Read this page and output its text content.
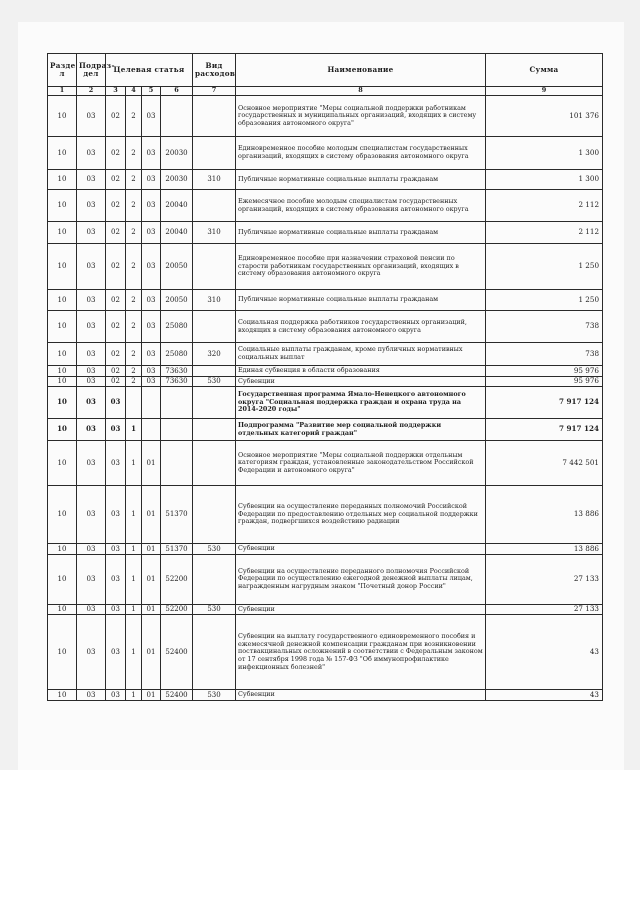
Разде л	Подраз- дел	Целевая статья				Вид расходов	Наименование	Сумма
1	2	3	4	5	6	7	8	9
10	03	02	2	03			Основное мероприятие "Меры социальной поддержки работникам государственных и муниципальных организаций, входящих в систему образования автономного округа"	101 376
10	03	02	2	03	20030		Единовременное пособие молодым специалистам государственных организаций, входящих в систему образования автономного округа	1 300
10	03	02	2	03	20030	310	Публичные нормативные социальные выплаты гражданам	1 300
10	03	02	2	03	20040		Ежемесячное пособие молодым специалистам государственных организаций, входящих в систему образования автономного округа	2 112
10	03	02	2	03	20040	310	Публичные нормативные социальные выплаты гражданам	2 112
10	03	02	2	03	20050		Единовременное пособие при назначении страховой пенсии по старости работникам государственных организаций, входящих в систему образования автономного округа	1 250
10	03	02	2	03	20050	310	Публичные нормативные социальные выплаты гражданам	1 250
10	03	02	2	03	25080		Социальная поддержка работников государственных организаций, входящих в систему образования автономного округа	738
10	03	02	2	03	25080	320	Социальные выплаты гражданам, кроме публичных нормативных социальных выплат	738
10	03	02	2	03	73630		Единая субвенция в области образования	95 976
10	03	02	2	03	73630	530	Субвенции	95 976
10	03	03					Государственная программа Ямало-Ненецкого автономного округа "Социальная поддержка граждан и охрана труда на 2014-2020 годы"	7 917 124
10	03	03	1				Подпрограмма "Развитие мер социальной поддержки отдельных категорий граждан"	7 917 124
10	03	03	1	01			Основное мероприятие "Меры социальной поддержки отдельным категориям граждан, установленные законодательством Российской Федерации и автономного округа"	7 442 501
10	03	03	1	01	51370		Субвенции на осуществление переданных полномочий Российской Федерации по предоставлению отдельных мер социальной поддержки граждан, подвергшихся воздействию радиации	13 886
10	03	03	1	01	51370	530	Субвенции	13 886
10	03	03	1	01	52200		Субвенции на осуществление переданного полномочия Российской Федерации по осуществлению ежегодной денежной выплаты лицам, награжденным нагрудным знаком "Почетный донор России"	27 133
10	03	03	1	01	52200	530	Субвенции	27 133
10	03	03	1	01	52400		Субвенции на выплату государственного единовременного пособия и ежемесячной денежной компенсации гражданам при возникновении поствакцинальных осложнений в соответствии с Федеральным законом от 17 сентября 1998 года № 157-ФЗ "Об иммунопрофилактике инфекционных болезней"	43
10	03	03	1	01	52400	530	Субвенции	43
